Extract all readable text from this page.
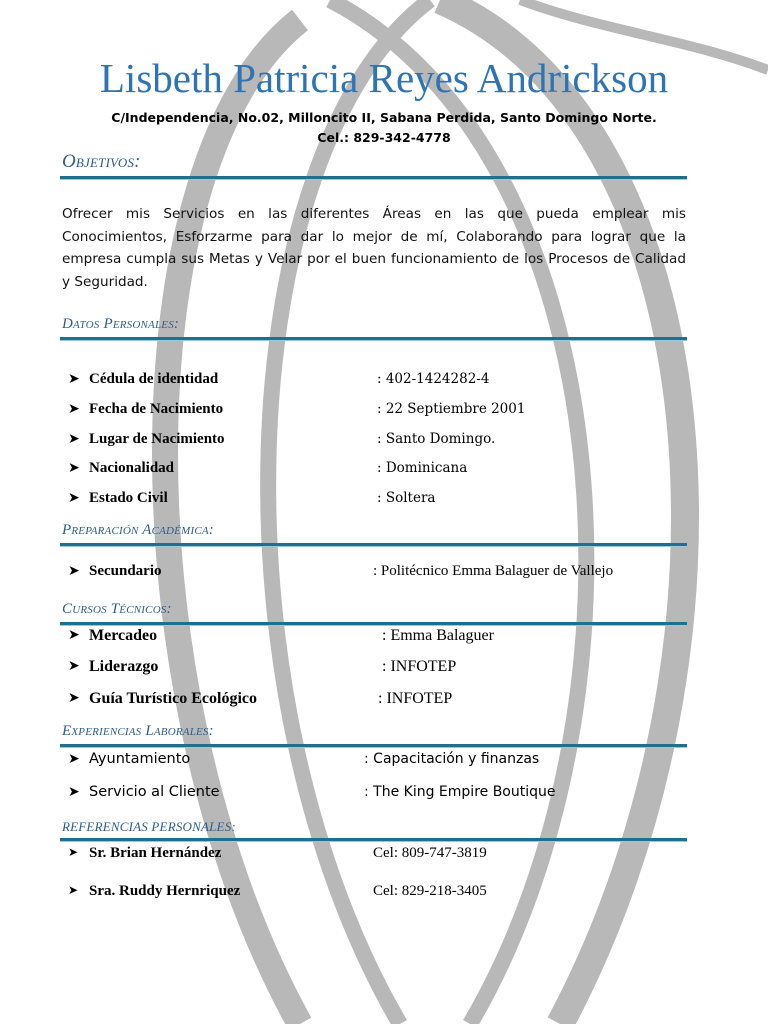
Lisbeth Patricia Reyes Andrickson
C/Independencia, No.02, Milloncito II, Sabana Perdida, Santo Domingo Norte.
Cel.: 829-342-4778
Objetivos:
Ofrecer mis Servicios en las diferentes Áreas en las que pueda emplear mis Conocimientos, Esforzarme para dar lo mejor de mí, Colaborando para lograr que la empresa cumpla sus Metas y Velar por el buen funcionamiento de los Procesos de Calidad y Seguridad.
Datos Personales:
➤ Cédula de identidad	: 402-1424282-4
➤ Fecha de Nacimiento	: 22 Septiembre 2001
➤ Lugar de Nacimiento	: Santo Domingo.
➤ Nacionalidad	: Dominicana
➤ Estado Civil	: Soltera
Preparación Académica:
➤ Secundario	: Politécnico Emma Balaguer de Vallejo
Cursos Técnicos:
➤ Mercadeo	: Emma Balaguer
➤ Liderazgo	: INFOTEP
➤ Guía Turístico Ecológico	: INFOTEP
Experiencias Laborales:
➤ Ayuntamiento	: Capacitación y finanzas
➤ Servicio al Cliente	: The King Empire Boutique
REFERENCIAS PERSONALES:
➤ Sr. Brian Hernández	Cel: 809-747-3819
➤ Sra. Ruddy Hernriquez	Cel: 829-218-3405
